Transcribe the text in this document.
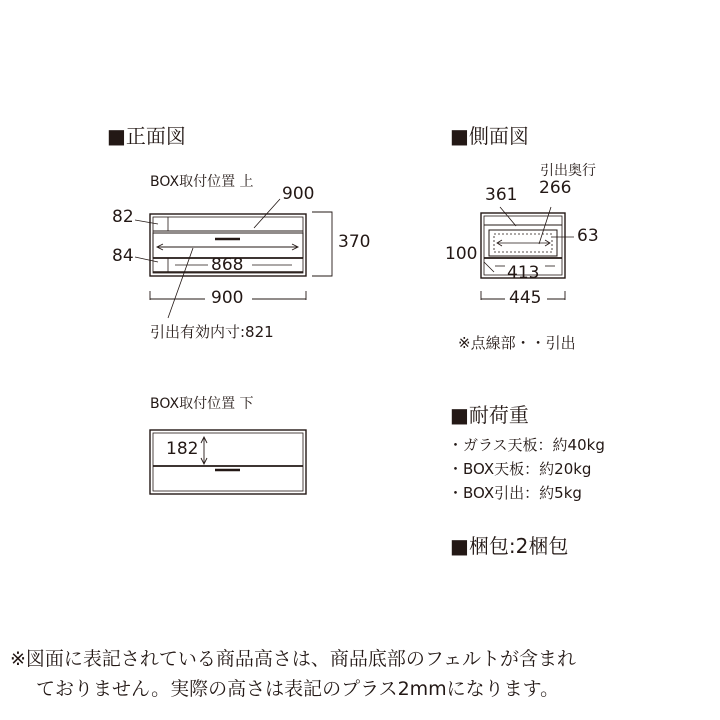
■正面図
BOX取付位置 上
900
82
84	868
370
900
引出有効内寸:821
BOX取付位置 下
182
■側面図
引出奥行
361 266
63
100
413
445
※点線部・・引出
■耐荷重
・ガラス天板：約40kg
・BOX天板：約20kg
・BOX引出：約5kg
■梱包:2梱包
※図面に表記されている商品高さは、商品底部のフェルトが含まれ
ておりません。実際の高さは表記のプラス2mmになります。
